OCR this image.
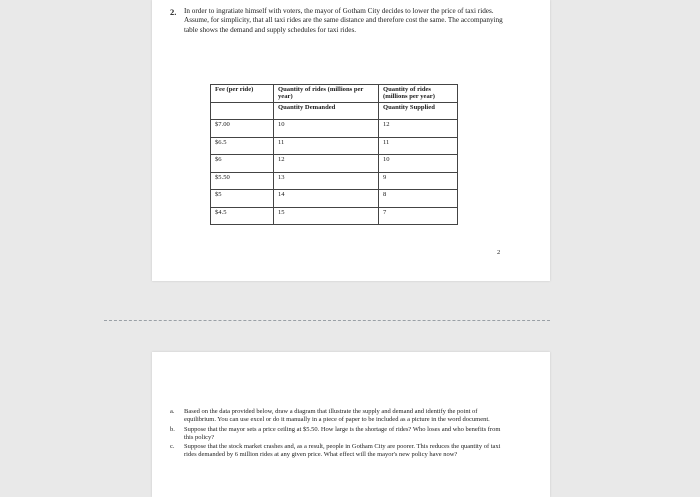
2. In order to ingratiate himself with voters, the mayor of Gotham City decides to lower the price of taxi rides. Assume, for simplicity, that all taxi rides are the same distance and therefore cost the same. The accompanying table shows the demand and supply schedules for taxi rides.
Fee (per ride)	Quantity of rides (millions per year)	Quantity of rides (millions per year)
	Quantity Demanded	Quantity Supplied
$7.00	10	12
$6.5	11	11
$6	12	10
$5.50	13	9
$5	14	8
$4.5	15	7
2
a. Based on the data provided below, draw a diagram that illustrate the supply and demand and identify the point of equilibrium. You can use excel or do it manually in a piece of paper to be included as a picture in the word document.
b. Suppose that the mayor sets a price ceiling at $5.50. How large is the shortage of rides? Who loses and who benefits from this policy?
c. Suppose that the stock market crashes and, as a result, people in Gotham City are poorer. This reduces the quantity of taxi rides demanded by 6 million rides at any given price. What effect will the mayor's new policy have now?
